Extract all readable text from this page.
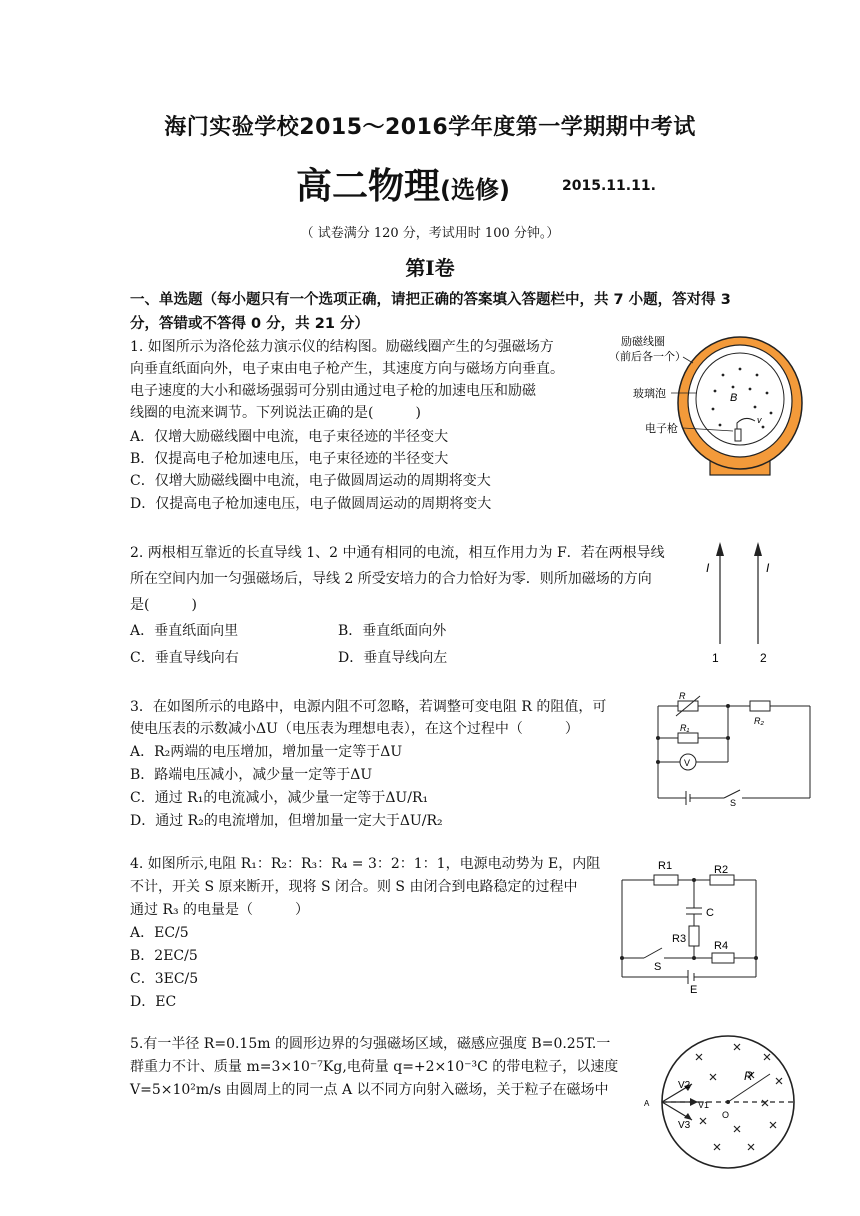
海门实验学校2015～2016学年度第一学期期中考试
高二物理(选修)	2015.11.11.
（ 试卷满分 120 分，考试用时 100 分钟。）
第Ⅰ卷
一、单选题（每小题只有一个选项正确，请把正确的答案填入答题栏中，共 7 小题，答对得 3 分，答错或不答得 0 分，共 21 分）
1. 如图所示为洛伦兹力演示仪的结构图。励磁线圈产生的匀强磁场方
向垂直纸面向外，电子束由电子枪产生，其速度方向与磁场方向垂直。
电子速度的大小和磁场强弱可分别由通过电子枪的加速电压和励磁
线圈的电流来调节。下列说法正确的是(　　　)
A．仅增大励磁线圈中电流，电子束径迹的半径变大
B．仅提高电子枪加速电压，电子束径迹的半径变大
C．仅增大励磁线圈中电流，电子做圆周运动的周期将变大
D．仅提高电子枪加速电压，电子做圆周运动的周期将变大
B
v
励磁线圈
（前后各一个）
玻璃泡
电子枪
2. 两根相互靠近的长直导线 1、2 中通有相同的电流，相互作用力为 F．若在两根导线
所在空间内加一匀强磁场后，导线 2 所受安培力的合力恰好为零．则所加磁场的方向
是(　　　)
A．垂直纸面向里	B．垂直纸面向外
C．垂直导线向右	D．垂直导线向左
I	I
1	2
3．在如图所示的电路中，电源内阻不可忽略，若调整可变电阻 R 的阻值，可
使电压表的示数减小ΔU（电压表为理想电表），在这个过程中（　　　）
A．R₂两端的电压增加，增加量一定等于ΔU
B．路端电压减小，减少量一定等于ΔU
C．通过 R₁的电流减小，减少量一定等于ΔU/R₁
D．通过 R₂的电流增加，但增加量一定大于ΔU/R₂
R
R₁
R₂
V
S
4. 如图所示,电阻 R₁：R₂：R₃：R₄ = 3：2：1：1，电源电动势为 E，内阻
不计，开关 S 原来断开，现将 S 闭合。则 S 由闭合到电路稳定的过程中
通过 R₃ 的电量是（　　　）
A．EC/5
B．2EC/5
C．3EC/5
D．EC
R1	R2
C
R3
R4
S
E
5.有一半径 R=0.15m 的圆形边界的匀强磁场区域，磁感应强度 B=0.25T.一
群重力不计、质量 m=3×10⁻⁷Kg,电荷量 q=+2×10⁻³C 的带电粒子，以速度
V=5×10²m/s 由圆周上的同一点 A 以不同方向射入磁场，关于粒子在磁场中
A
V2
V1
V3
O
R
